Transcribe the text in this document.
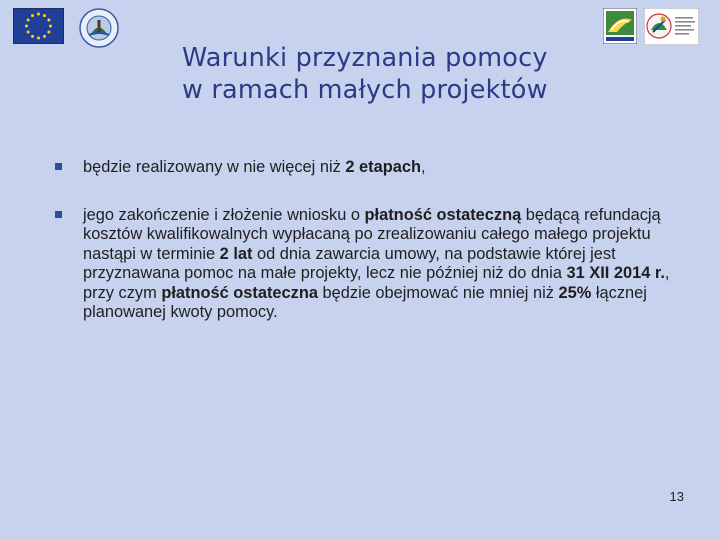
Warunki przyznania pomocy
w ramach małych projektów
będzie realizowany w nie więcej niż 2 etapach,
jego zakończenie i złożenie wniosku o płatność ostateczną będącą refundacją kosztów kwalifikowalnych wypłacaną po zrealizowaniu całego małego projektu nastąpi w terminie 2 lat od dnia zawarcia umowy, na podstawie której jest przyznawana pomoc na małe projekty, lecz nie później niż do dnia 31 XII 2014 r., przy czym płatność ostateczna będzie obejmować nie mniej niż 25% łącznej planowanej kwoty pomocy.
13
